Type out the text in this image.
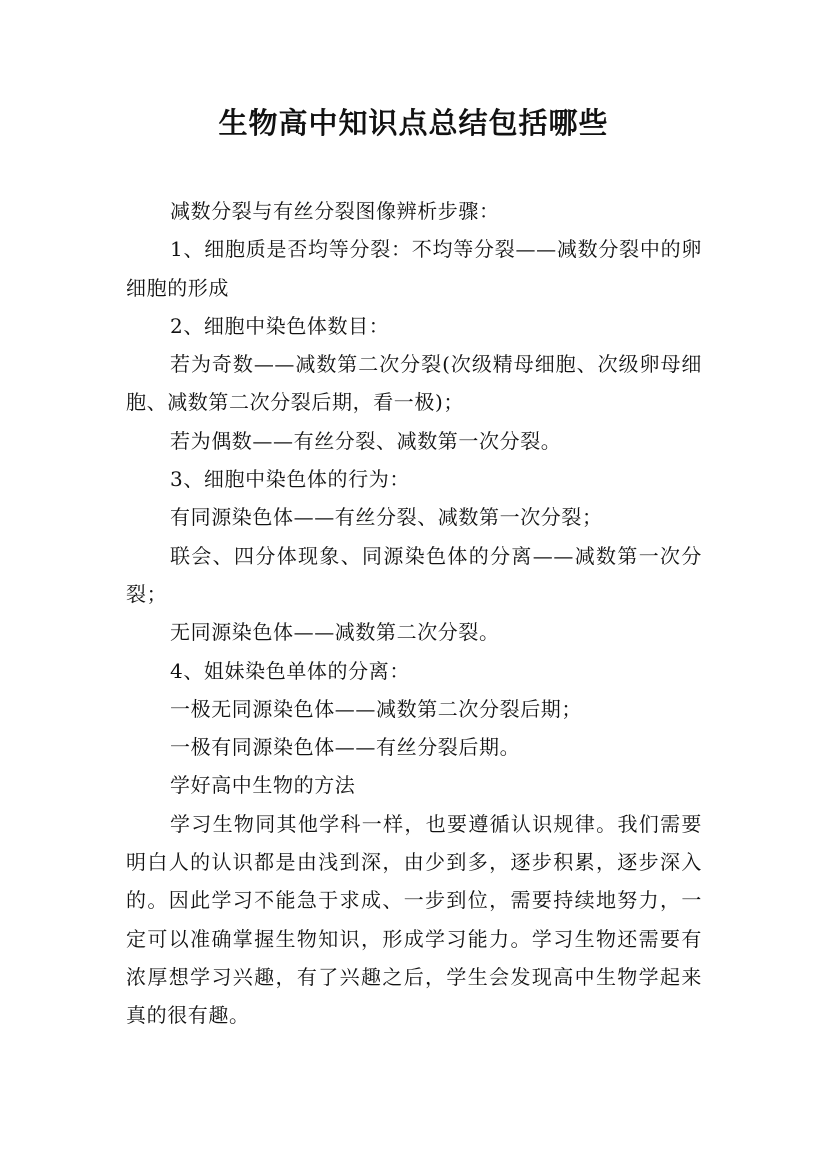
生物高中知识点总结包括哪些

减数分裂与有丝分裂图像辨析步骤：

1、细胞质是否均等分裂：不均等分裂——减数分裂中的卵细胞的形成

2、细胞中染色体数目：

若为奇数——减数第二次分裂(次级精母细胞、次级卵母细胞、减数第二次分裂后期，看一极)；

若为偶数——有丝分裂、减数第一次分裂。

3、细胞中染色体的行为：

有同源染色体——有丝分裂、减数第一次分裂；

联会、四分体现象、同源染色体的分离——减数第一次分裂；

无同源染色体——减数第二次分裂。

4、姐妹染色单体的分离：

一极无同源染色体——减数第二次分裂后期；

一极有同源染色体——有丝分裂后期。

学好高中生物的方法

学习生物同其他学科一样，也要遵循认识规律。我们需要明白人的认识都是由浅到深，由少到多，逐步积累，逐步深入的。因此学习不能急于求成、一步到位，需要持续地努力，一定可以准确掌握生物知识，形成学习能力。学习生物还需要有浓厚想学习兴趣，有了兴趣之后，学生会发现高中生物学起来真的很有趣。
